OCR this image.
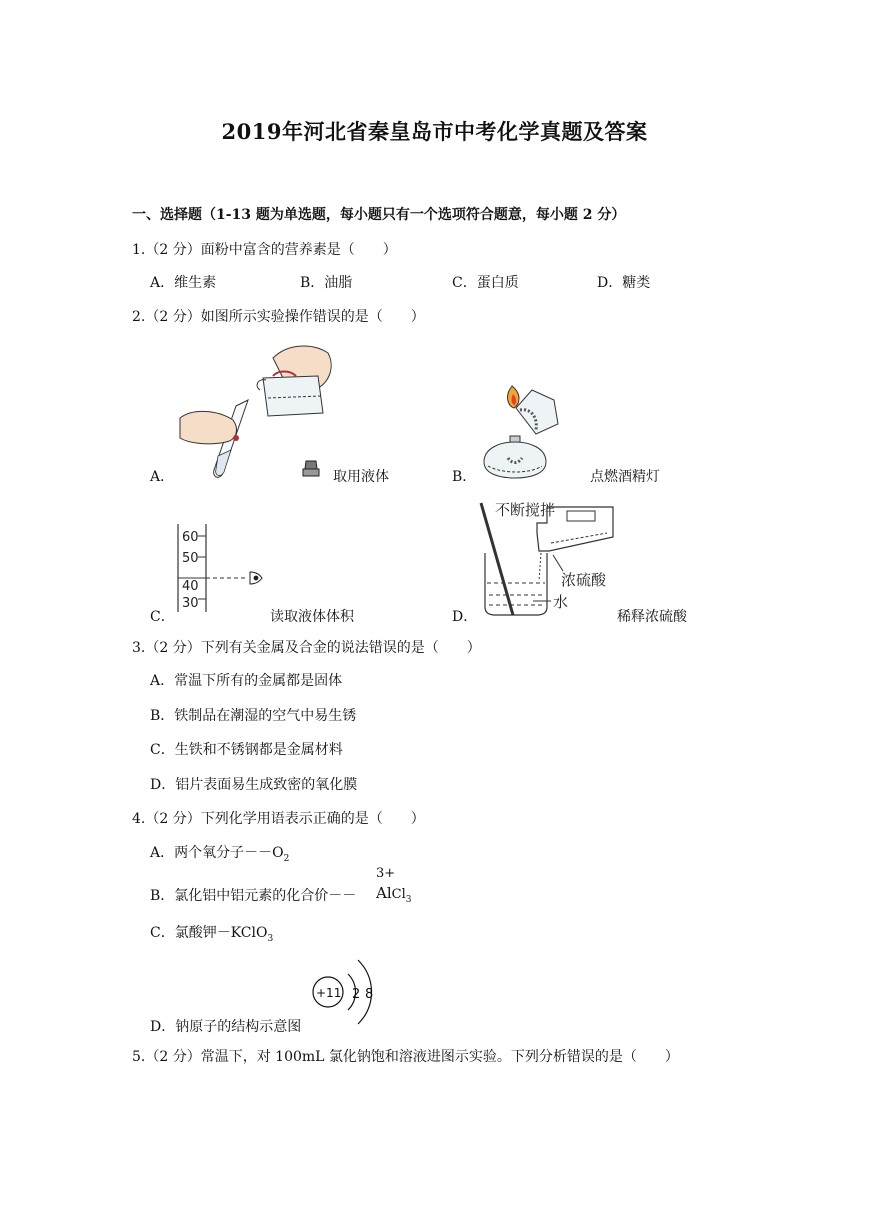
2019年河北省秦皇岛市中考化学真题及答案
一、选择题（1-13 题为单选题，每小题只有一个选项符合题意，每小题 2 分）
1.（2 分）面粉中富含的营养素是（　　）
A．维生素	B．油脂	C．蛋白质	D．糖类
2.（2 分）如图所示实验操作错误的是（　　）
A．	取用液体	B．	点燃酒精灯
60
50
40
30
C．	读取液体体积
不断搅拌
浓硫酸
水
D．	稀释浓硫酸
3.（2 分）下列有关金属及合金的说法错误的是（　　）
A．常温下所有的金属都是固体
B．铁制品在潮湿的空气中易生锈
C．生铁和不锈钢都是金属材料
D．铝片表面易生成致密的氧化膜
4.（2 分）下列化学用语表示正确的是（　　）
A．两个氧分子$--O_2$
B．氯化铝中铝元素的化合价－－
3+
AlCl$_3$
C．氯酸钾－KClO$_3$
+11 2 8
D．钠原子的结构示意图
5.（2 分）常温下，对 100mL 氯化钠饱和溶液进图示实验。下列分析错误的是（　　）
